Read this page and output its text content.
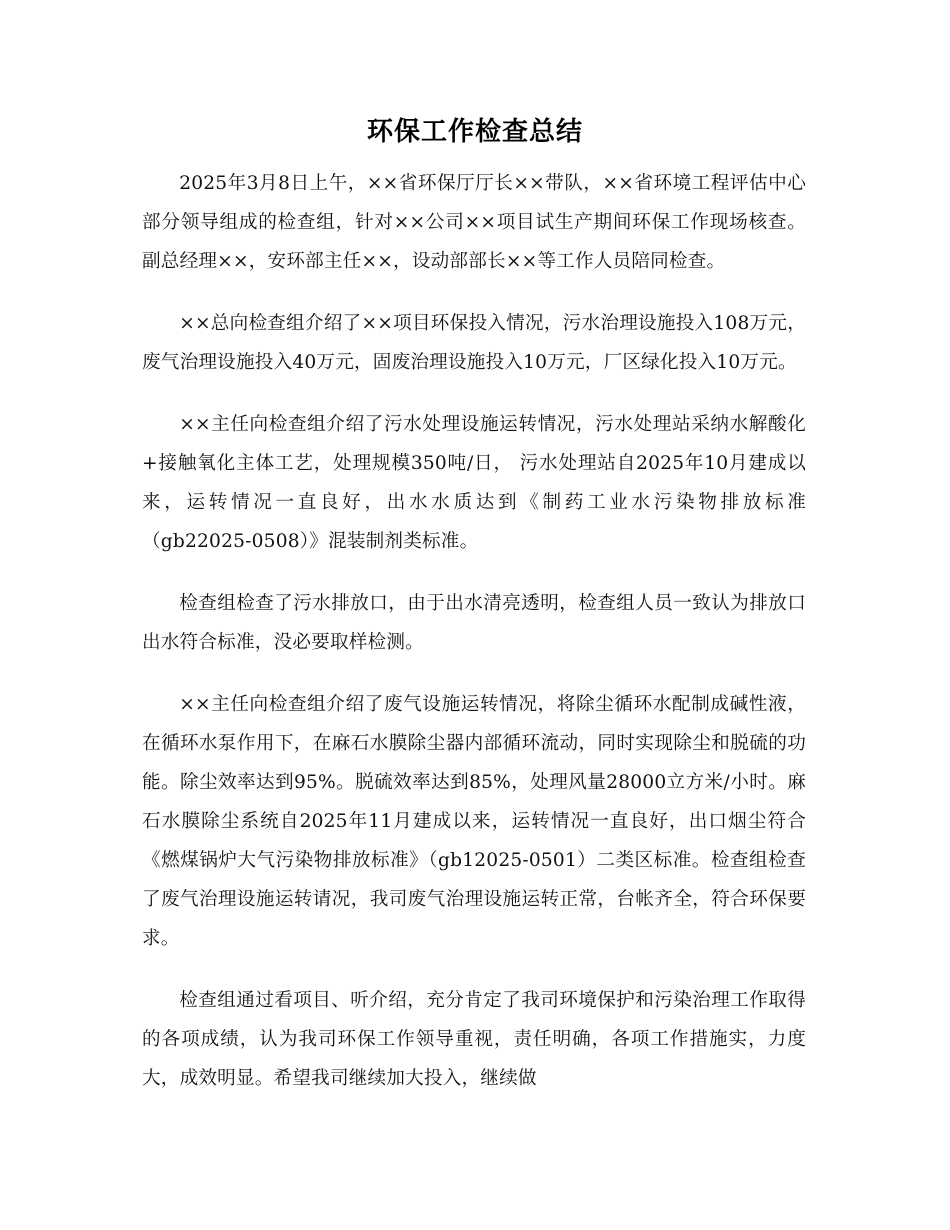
环保工作检查总结

2025年3月8日上午，××省环保厅厅长××带队，××省环境工程评估中心部分领导组成的检查组，针对××公司××项目试生产期间环保工作现场核查。副总经理××，安环部主任××，设动部部长××等工作人员陪同检查。

××总向检查组介绍了××项目环保投入情况，污水治理设施投入108万元，废气治理设施投入40万元，固废治理设施投入10万元，厂区绿化投入10万元。

××主任向检查组介绍了污水处理设施运转情况，污水处理站采纳水解酸化+接触氧化主体工艺，处理规模350吨/日， 污水处理站自2025年10月建成以来，运转情况一直良好，出水水质达到《制药工业水污染物排放标准（gb22025-0508）》混装制剂类标准。

检查组检查了污水排放口，由于出水清亮透明，检查组人员一致认为排放口出水符合标准，没必要取样检测。

××主任向检查组介绍了废气设施运转情况，将除尘循环水配制成碱性液，在循环水泵作用下，在麻石水膜除尘器内部循环流动，同时实现除尘和脱硫的功能。除尘效率达到95%。脱硫效率达到85%，处理风量28000立方米/小时。麻石水膜除尘系统自2025年11月建成以来，运转情况一直良好，出口烟尘符合《燃煤锅炉大气污染物排放标准》（gb12025-0501）二类区标准。检查组检查了废气治理设施运转请况，我司废气治理设施运转正常，台帐齐全，符合环保要求。

检查组通过看项目、听介绍，充分肯定了我司环境保护和污染治理工作取得的各项成绩，认为我司环保工作领导重视，责任明确，各项工作措施实，力度大，成效明显。希望我司继续加大投入，继续做
